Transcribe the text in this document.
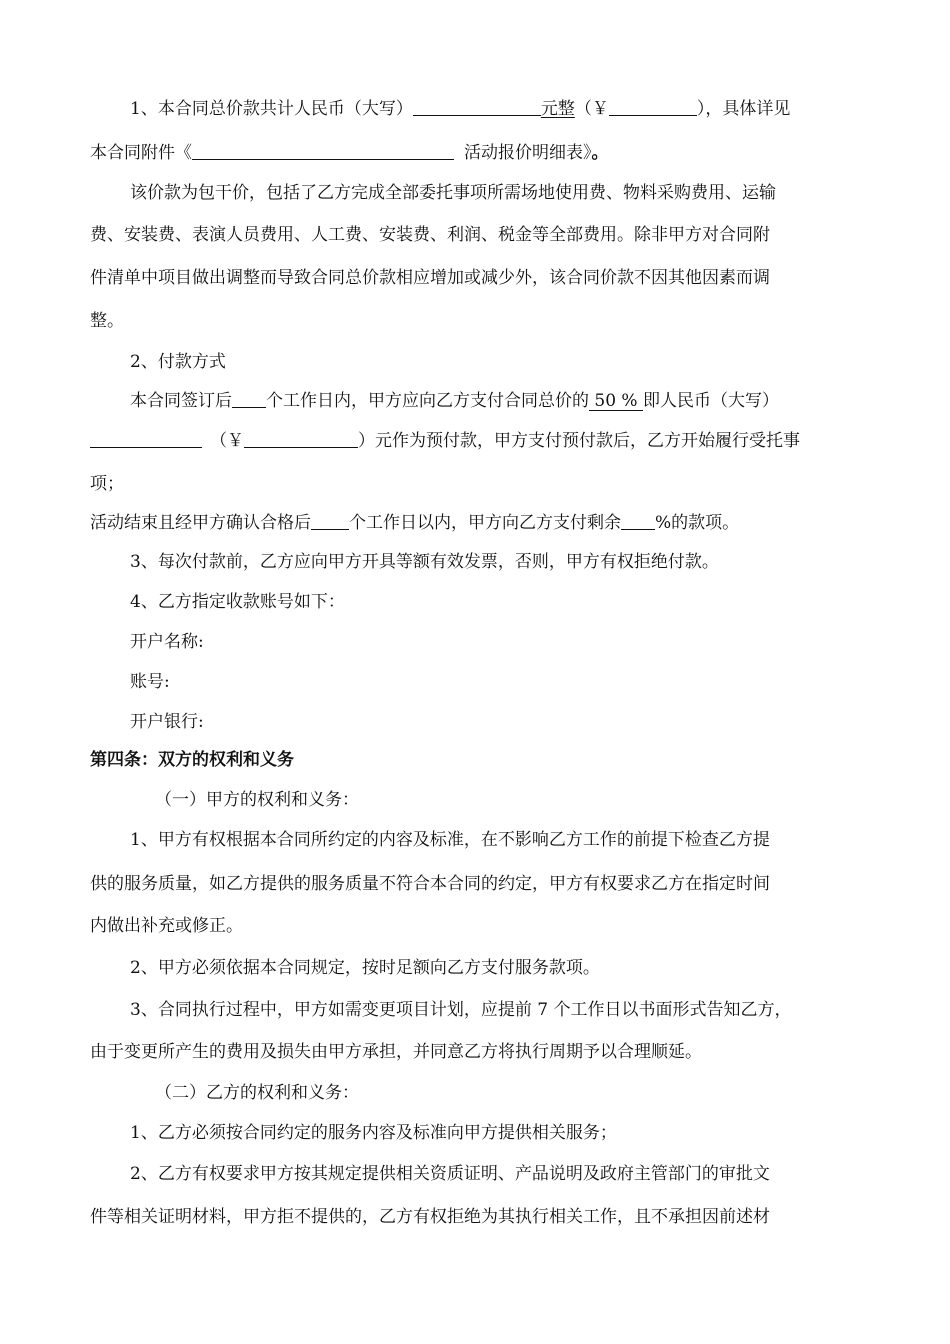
1、本合同总价款共计人民币（大写）	元整（￥	），具体详见
本合同附件《	活动报价明细表》。
该价款为包干价，包括了乙方完成全部委托事项所需场地使用费、物料采购费用、运输
费、安装费、表演人员费用、人工费、安装费、利润、税金等全部费用。除非甲方对合同附
件清单中项目做出调整而导致合同总价款相应增加或减少外，该合同价款不因其他因素而调
整。
2、付款方式
本合同签订后 个工作日内，甲方应向乙方支付合同总价的 50 % 即人民币（大写）
（￥	）元作为预付款，甲方支付预付款后，乙方开始履行受托事
项；
活动结束且经甲方确认合格后 个工作日以内，甲方向乙方支付剩余 %的款项。
3、每次付款前，乙方应向甲方开具等额有效发票，否则，甲方有权拒绝付款。
4、乙方指定收款账号如下：
开户名称:
账号:
开户银行:
第四条：双方的权利和义务
（一）甲方的权利和义务：
1、甲方有权根据本合同所约定的内容及标准，在不影响乙方工作的前提下检查乙方提
供的服务质量，如乙方提供的服务质量不符合本合同的约定，甲方有权要求乙方在指定时间
内做出补充或修正。
2、甲方必须依据本合同规定，按时足额向乙方支付服务款项。
3、合同执行过程中，甲方如需变更项目计划，应提前 7 个工作日以书面形式告知乙方，
由于变更所产生的费用及损失由甲方承担，并同意乙方将执行周期予以合理顺延。
（二）乙方的权利和义务：
1、乙方必须按合同约定的服务内容及标准向甲方提供相关服务；
2、乙方有权要求甲方按其规定提供相关资质证明、产品说明及政府主管部门的审批文
件等相关证明材料，甲方拒不提供的，乙方有权拒绝为其执行相关工作，且不承担因前述材
